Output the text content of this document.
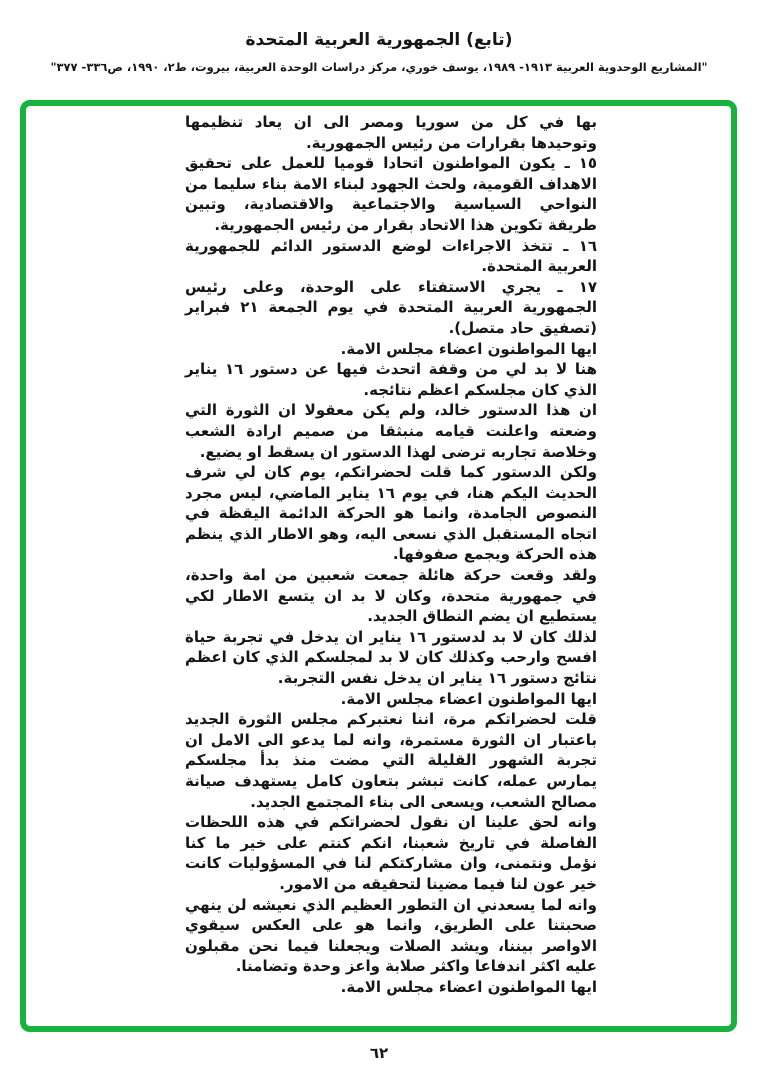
(تابع) الجمهورية العربية المتحدة
"المشاريع الوحدوية العربية ١٩١٣- ١٩٨٩، يوسف خوري، مركز دراسات الوحدة العربية، بيروت، ط٢، ١٩٩٠، ص٣٣٦- ٣٧٧"

بها في كل من سوريا ومصر الى ان يعاد تنظيمها وتوحيدها بقرارات من رئيس الجمهورية.

١٥ ـ يكون المواطنون اتحادا قوميا للعمل على تحقيق الاهداف القومية، ولحث الجهود لبناء الامة بناء سليما من النواحي السياسية والاجتماعية والاقتصادية، وتبين طريقة تكوين هذا الاتحاد بقرار من رئيس الجمهورية.

١٦ ـ تتخذ الاجراءات لوضع الدستور الدائم للجمهورية العربية المتحدة.

١٧ ـ يجري الاستفتاء على الوحدة، وعلى رئيس الجمهورية العربية المتحدة في يوم الجمعة ٢١ فبراير (تصفيق حاد متصل).

ايها المواطنون اعضاء مجلس الامة.

هنا لا بد لي من وقفة اتحدث فيها عن دستور ١٦ يناير الذي كان مجلسكم اعظم نتائجه.

ان هذا الدستور خالد، ولم يكن معقولا ان الثورة التي وضعته واعلنت قيامه منبثقا من صميم ارادة الشعب وخلاصة تجاربه ترضى لهذا الدستور ان يسقط او يضيع.

ولكن الدستور كما قلت لحضراتكم، يوم كان لي شرف الحديث اليكم هنا، في يوم ١٦ يناير الماضي، ليس مجرد النصوص الجامدة، وانما هو الحركة الدائمة اليقظة في اتجاه المستقبل الذي نسعى اليه، وهو الاطار الذي ينظم هذه الحركة ويجمع صفوفها.

ولقد وقعت حركة هائلة جمعت شعبين من امة واحدة، في جمهورية متحدة، وكان لا بد ان يتسع الاطار لكي يستطيع ان يضم النطاق الجديد.

لذلك كان لا بد لدستور ١٦ يناير ان يدخل في تجربة حياة افسح وارحب وكذلك كان لا بد لمجلسكم الذي كان اعظم نتائج دستور ١٦ يناير ان يدخل نفس التجربة.

ايها المواطنون اعضاء مجلس الامة.

قلت لحضراتكم مرة، اننا نعتبركم مجلس الثورة الجديد باعتبار ان الثورة مستمرة، وانه لما يدعو الى الامل ان تجربة الشهور القليلة التي مضت منذ بدأ مجلسكم يمارس عمله، كانت تبشر بتعاون كامل يستهدف صيانة مصالح الشعب، ويسعى الى بناء المجتمع الجديد.

وانه لحق علينا ان نقول لحضراتكم في هذه اللحظات الفاصلة في تاريخ شعبنا، انكم كنتم على خير ما كنا نؤمل ونتمنى، وان مشاركتكم لنا في المسؤوليات كانت خير عون لنا فيما مضينا لتحقيقه من الامور.

وانه لما يسعدني ان التطور العظيم الذي نعيشه لن ينهي صحبتنا على الطريق، وانما هو على العكس سيقوي الاواصر بيننا، ويشد الصلات ويجعلنا فيما نحن مقبلون عليه اكثر اندفاعا واكثر صلابة واعز وحدة وتضامنا.

ايها المواطنون اعضاء مجلس الامة.

٦٢
